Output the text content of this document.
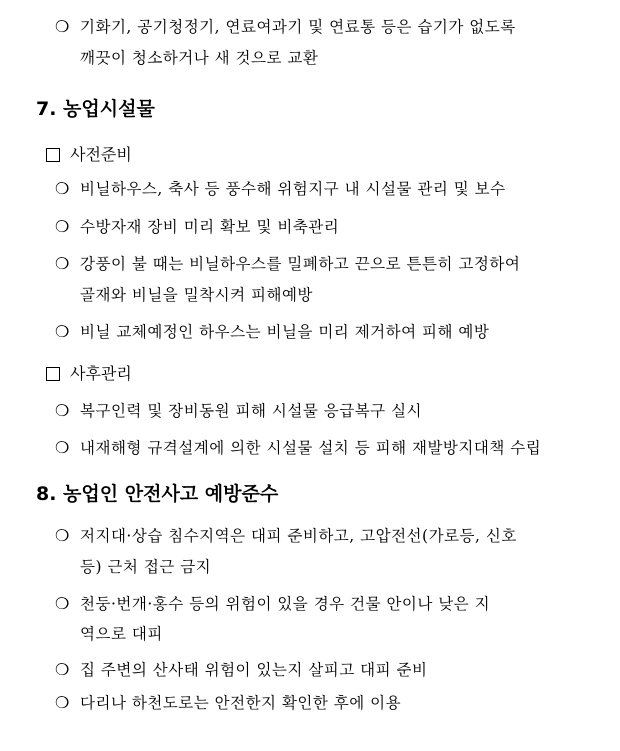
❍ 기화기, 공기청정기, 연료여과기 및 연료통 등은 습기가 없도록
깨끗이 청소하거나 새 것으로 교환
7. 농업시설물
사전준비
❍ 비닐하우스, 축사 등 풍수해 위험지구 내 시설물 관리 및 보수
❍ 수방자재 장비 미리 확보 및 비축관리
❍ 강풍이 불 때는 비닐하우스를 밀폐하고 끈으로 튼튼히 고정하여
골재와 비닐을 밀착시켜 피해예방
❍ 비닐 교체예정인 하우스는 비닐을 미리 제거하여 피해 예방
사후관리
❍ 복구인력 및 장비동원 피해 시설물 응급복구 실시
❍ 내재해형 규격설계에 의한 시설물 설치 등 피해 재발방지대책 수립
8. 농업인 안전사고 예방준수
❍ 저지대·상습 침수지역은 대피 준비하고, 고압전선(가로등, 신호
등) 근처 접근 금지
❍ 천둥·번개·홍수 등의 위험이 있을 경우 건물 안이나 낮은 지
역으로 대피
❍ 집 주변의 산사태 위험이 있는지 살피고 대피 준비
❍ 다리나 하천도로는 안전한지 확인한 후에 이용
